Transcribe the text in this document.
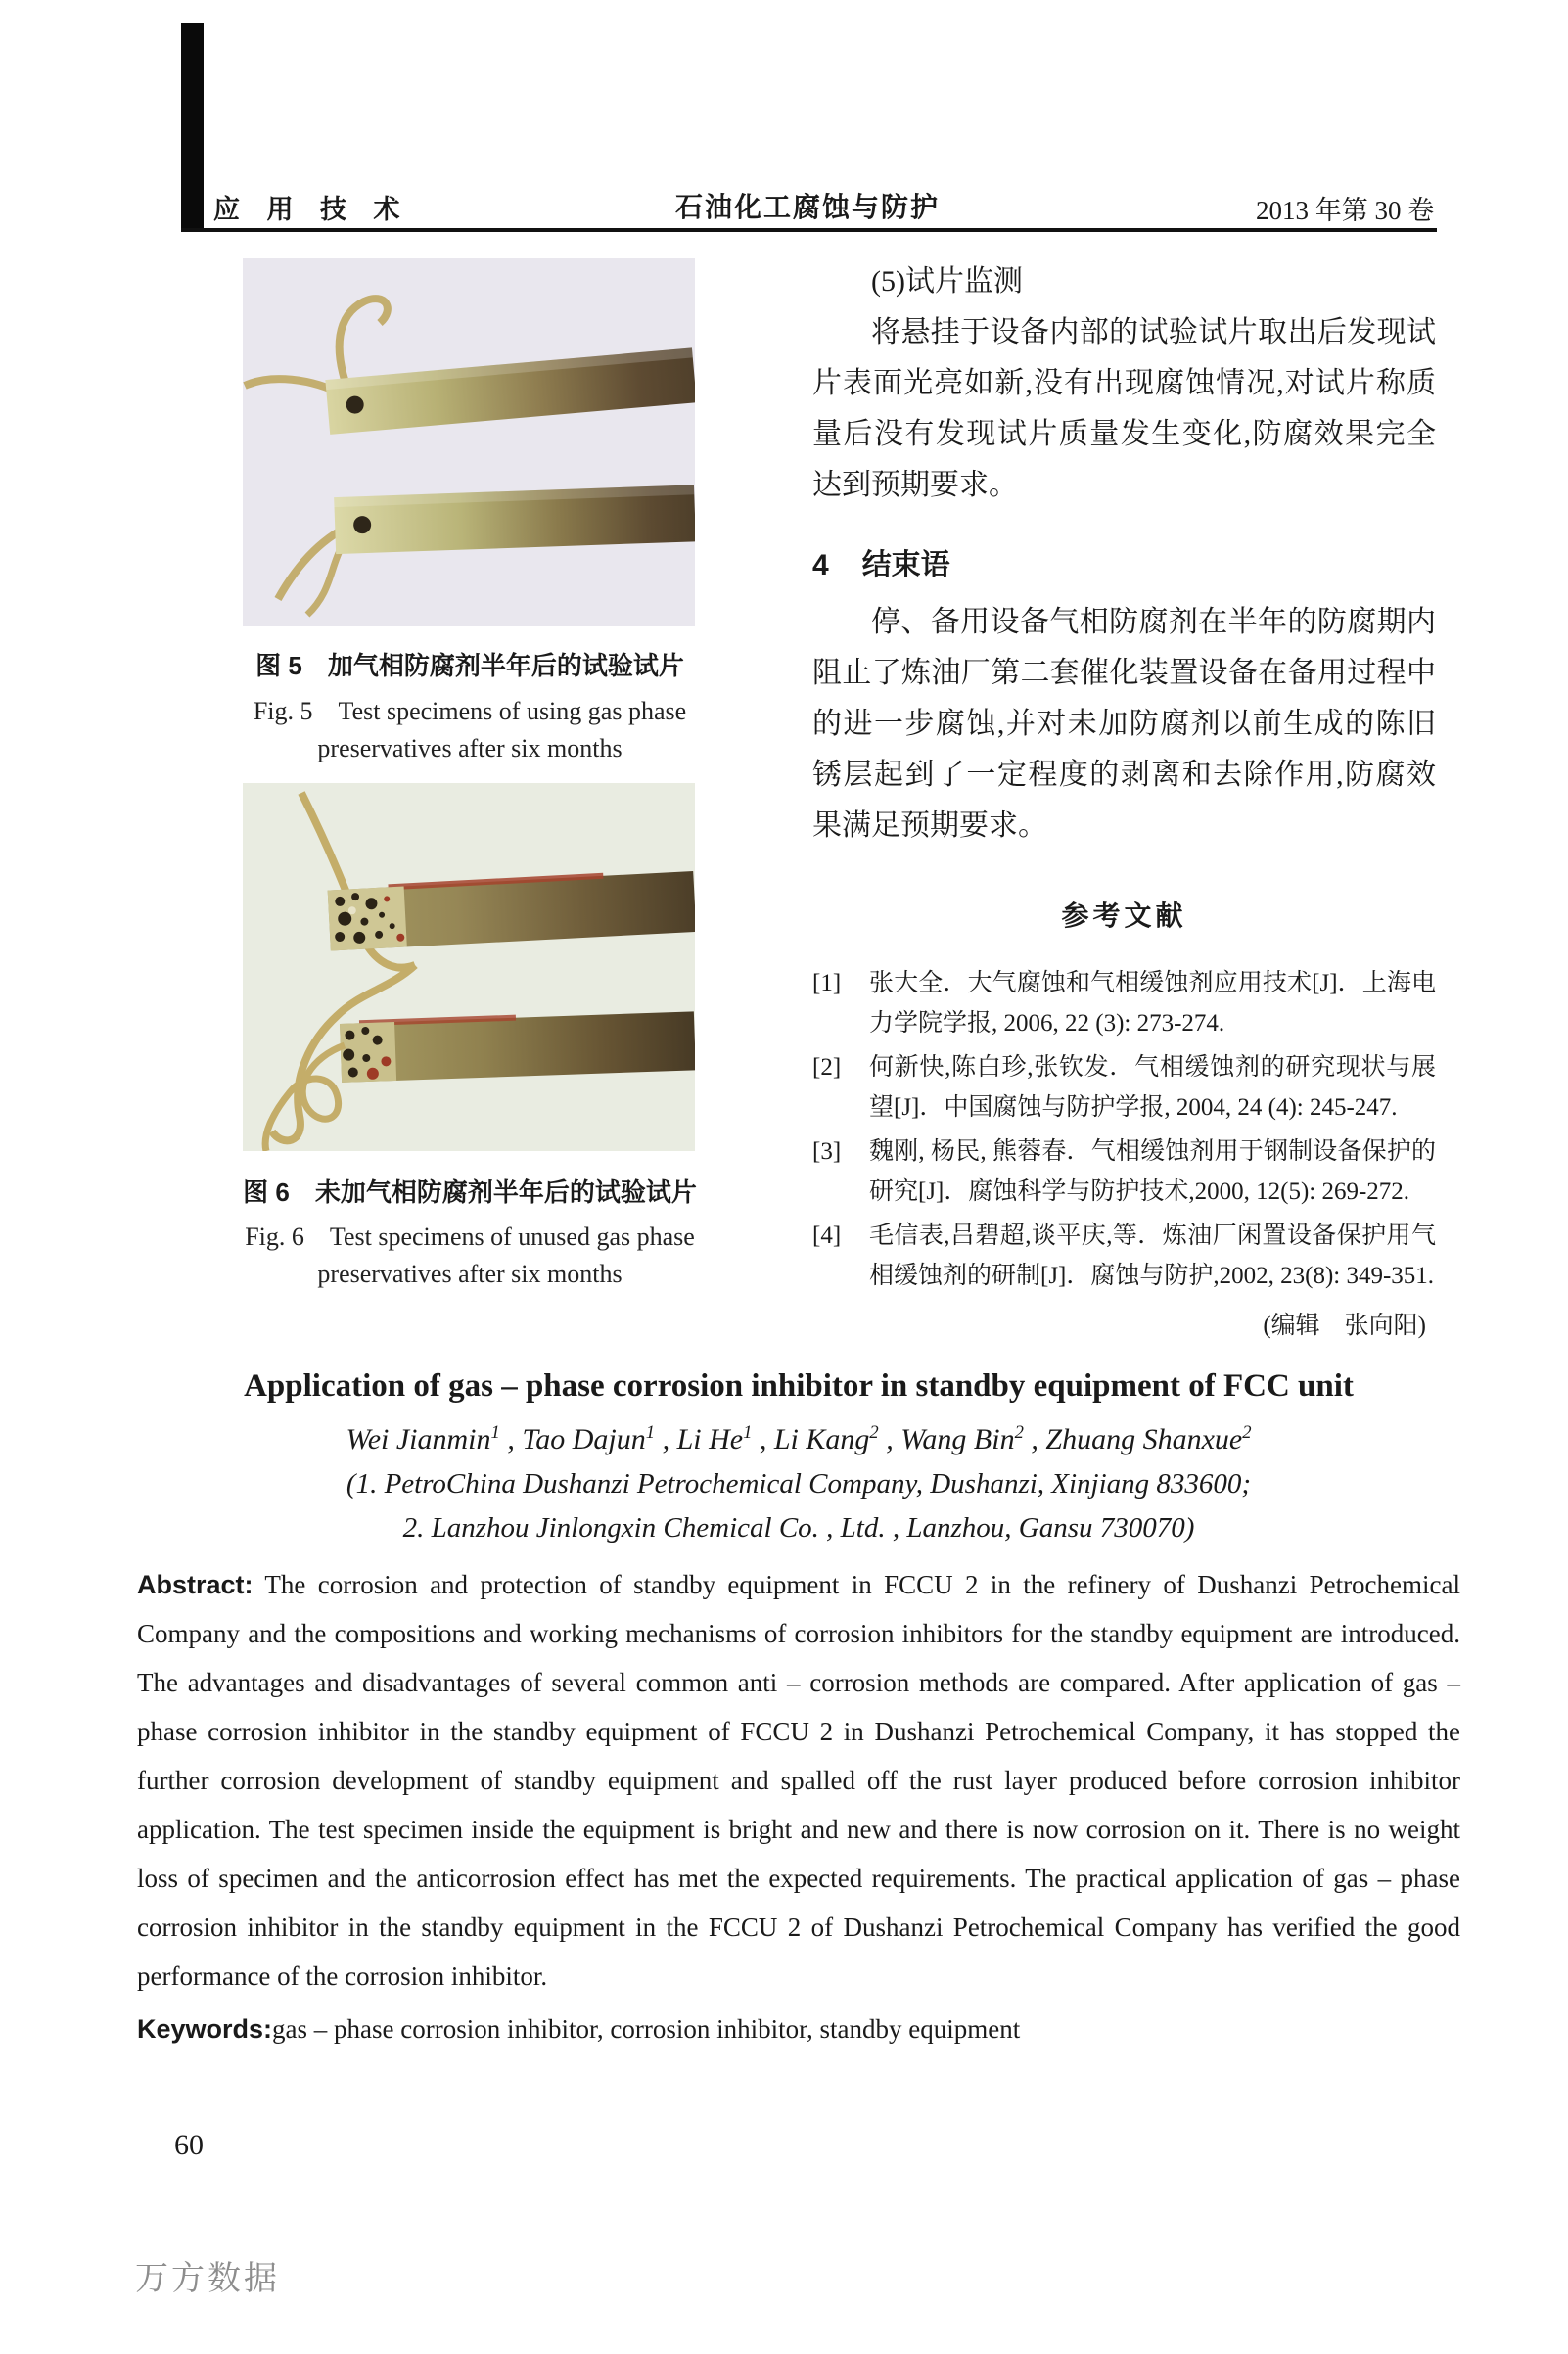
应 用 技 术	石油化工腐蚀与防护	2013 年第 30 卷
图 5　加气相防腐剂半年后的试验试片
Fig. 5　Test specimens of using gas phase
preservatives after six months
图 6　未加气相防腐剂半年后的试验试片
Fig. 6　Test specimens of unused gas phase
preservatives after six months

(5)试片监测

将悬挂于设备内部的试验试片取出后发现试片表面光亮如新,没有出现腐蚀情况,对试片称质量后没有发现试片质量发生变化,防腐效果完全达到预期要求。

4 结束语

停、备用设备气相防腐剂在半年的防腐期内阻止了炼油厂第二套催化装置设备在备用过程中的进一步腐蚀,并对未加防腐剂以前生成的陈旧锈层起到了一定程度的剥离和去除作用,防腐效果满足预期要求。

参考文献

[1]	张大全．大气腐蚀和气相缓蚀剂应用技术[J]．上海电力学院学报, 2006, 22 (3): 273-274.
[2]	何新快,陈白珍,张钦发．气相缓蚀剂的研究现状与展望[J]．中国腐蚀与防护学报, 2004, 24 (4): 245-247.
[3]	魏刚, 杨民, 熊蓉春．气相缓蚀剂用于钢制设备保护的研究[J]．腐蚀科学与防护技术,2000, 12(5): 269-272.
[4]	毛信表,吕碧超,谈平庆,等．炼油厂闲置设备保护用气相缓蚀剂的研制[J]．腐蚀与防护,2002, 23(8): 349-351.

(编辑　张向阳)

Application of gas – phase corrosion inhibitor in standby equipment of FCC unit

Wei Jianmin$^1$ , Tao Dajun$^1$ , Li He$^1$ , Li Kang$^2$ , Wang Bin$^2$ , Zhuang Shanxue$^2$

(1. PetroChina Dushanzi Petrochemical Company, Dushanzi, Xinjiang 833600;

2. Lanzhou Jinlongxin Chemical Co. , Ltd. , Lanzhou, Gansu 730070)

Abstract: The corrosion and protection of standby equipment in FCCU 2 in the refinery of Dushanzi Petrochemical Company and the compositions and working mechanisms of corrosion inhibitors for the standby equipment are introduced. The advantages and disadvantages of several common anti – corrosion methods are compared. After application of gas – phase corrosion inhibitor in the standby equipment of FCCU 2 in Dushanzi Petrochemical Company, it has stopped the further corrosion development of standby equipment and spalled off the rust layer produced before corrosion inhibitor application. The test specimen inside the equipment is bright and new and there is now corrosion on it. There is no weight loss of specimen and the anticorrosion effect has met the expected requirements. The practical application of gas – phase corrosion inhibitor in the standby equipment in the FCCU 2 of Dushanzi Petrochemical Company has verified the good performance of the corrosion inhibitor.

Keywords:gas – phase corrosion inhibitor, corrosion inhibitor, standby equipment

60
万方数据
